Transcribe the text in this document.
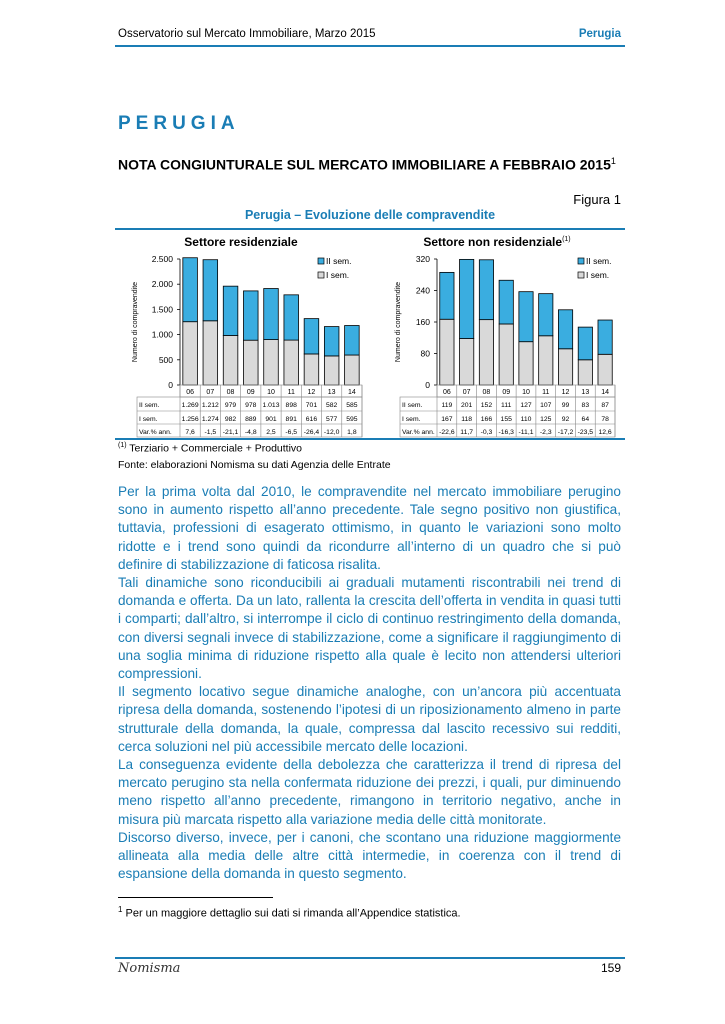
Osservatorio sul Mercato Immobiliare, Marzo 2015	Perugia
PERUGIA
NOTA CONGIUNTURALE SUL MERCATO IMMOBILIARE A FEBBRAIO 2015$^1$
Figura 1
Perugia – Evoluzione delle compravendite
Settore residenziale
Numero di compravendite
0
500
1.000
1.500
2.000
2.500	II sem.
I sem.
06 07 08 09 10 11 12 13 14
II sem.	1.269 1.212 979 978 1.013 898 701 582 585
I sem.	1.256 1.274 982 889 901 891 616 577 595
Var.% ann. 7,6 -1,5 -21,1 -4,8 2,5 -6,5 -26,4 -12,0 1,8
Settore non residenziale$^{(1)}$
Numero di compravendite
0
80
160
240
320	II sem.
I sem.
06 07 08 09 10 11 12 13 14
II sem.	119 201 152 111 127 107 99 83 87
I sem.	167 118 166 155 110 125 92 64 78
Var.% ann. -22,6 11,7 -0,3 -16,3 -11,1 -2,3 -17,2 -23,5 12,6
$^{(1)}$ Terziario + Commerciale + Produttivo
Fonte: elaborazioni Nomisma su dati Agenzia delle Entrate

Per la prima volta dal 2010, le compravendite nel mercato immobiliare perugino sono in aumento rispetto all’anno precedente. Tale segno positivo non giustifica, tuttavia, professioni di esagerato ottimismo, in quanto le variazioni sono molto ridotte e i trend sono quindi da ricondurre all’interno di un quadro che si può definire di stabilizzazione di faticosa risalita.

Tali dinamiche sono riconducibili ai graduali mutamenti riscontrabili nei trend di domanda e offerta. Da un lato, rallenta la crescita dell’offerta in vendita in quasi tutti i comparti; dall’altro, si interrompe il ciclo di continuo restringimento della domanda, con diversi segnali invece di stabilizzazione, come a significare il raggiungimento di una soglia minima di riduzione rispetto alla quale è lecito non attendersi ulteriori compressioni.

Il segmento locativo segue dinamiche analoghe, con un’ancora più accentuata ripresa della domanda, sostenendo l’ipotesi di un riposizionamento almeno in parte strutturale della domanda, la quale, compressa dal lascito recessivo sui redditi, cerca soluzioni nel più accessibile mercato delle locazioni.

La conseguenza evidente della debolezza che caratterizza il trend di ripresa del mercato perugino sta nella confermata riduzione dei prezzi, i quali, pur diminuendo meno rispetto all’anno precedente, rimangono in territorio negativo, anche in misura più marcata rispetto alla variazione media delle città monitorate.

Discorso diverso, invece, per i canoni, che scontano una riduzione maggiormente allineata alla media delle altre città intermedie, in coerenza con il trend di espansione della domanda in questo segmento.

$^1$ Per un maggiore dettaglio sui dati si rimanda all’Appendice statistica.
Nomisma	159
